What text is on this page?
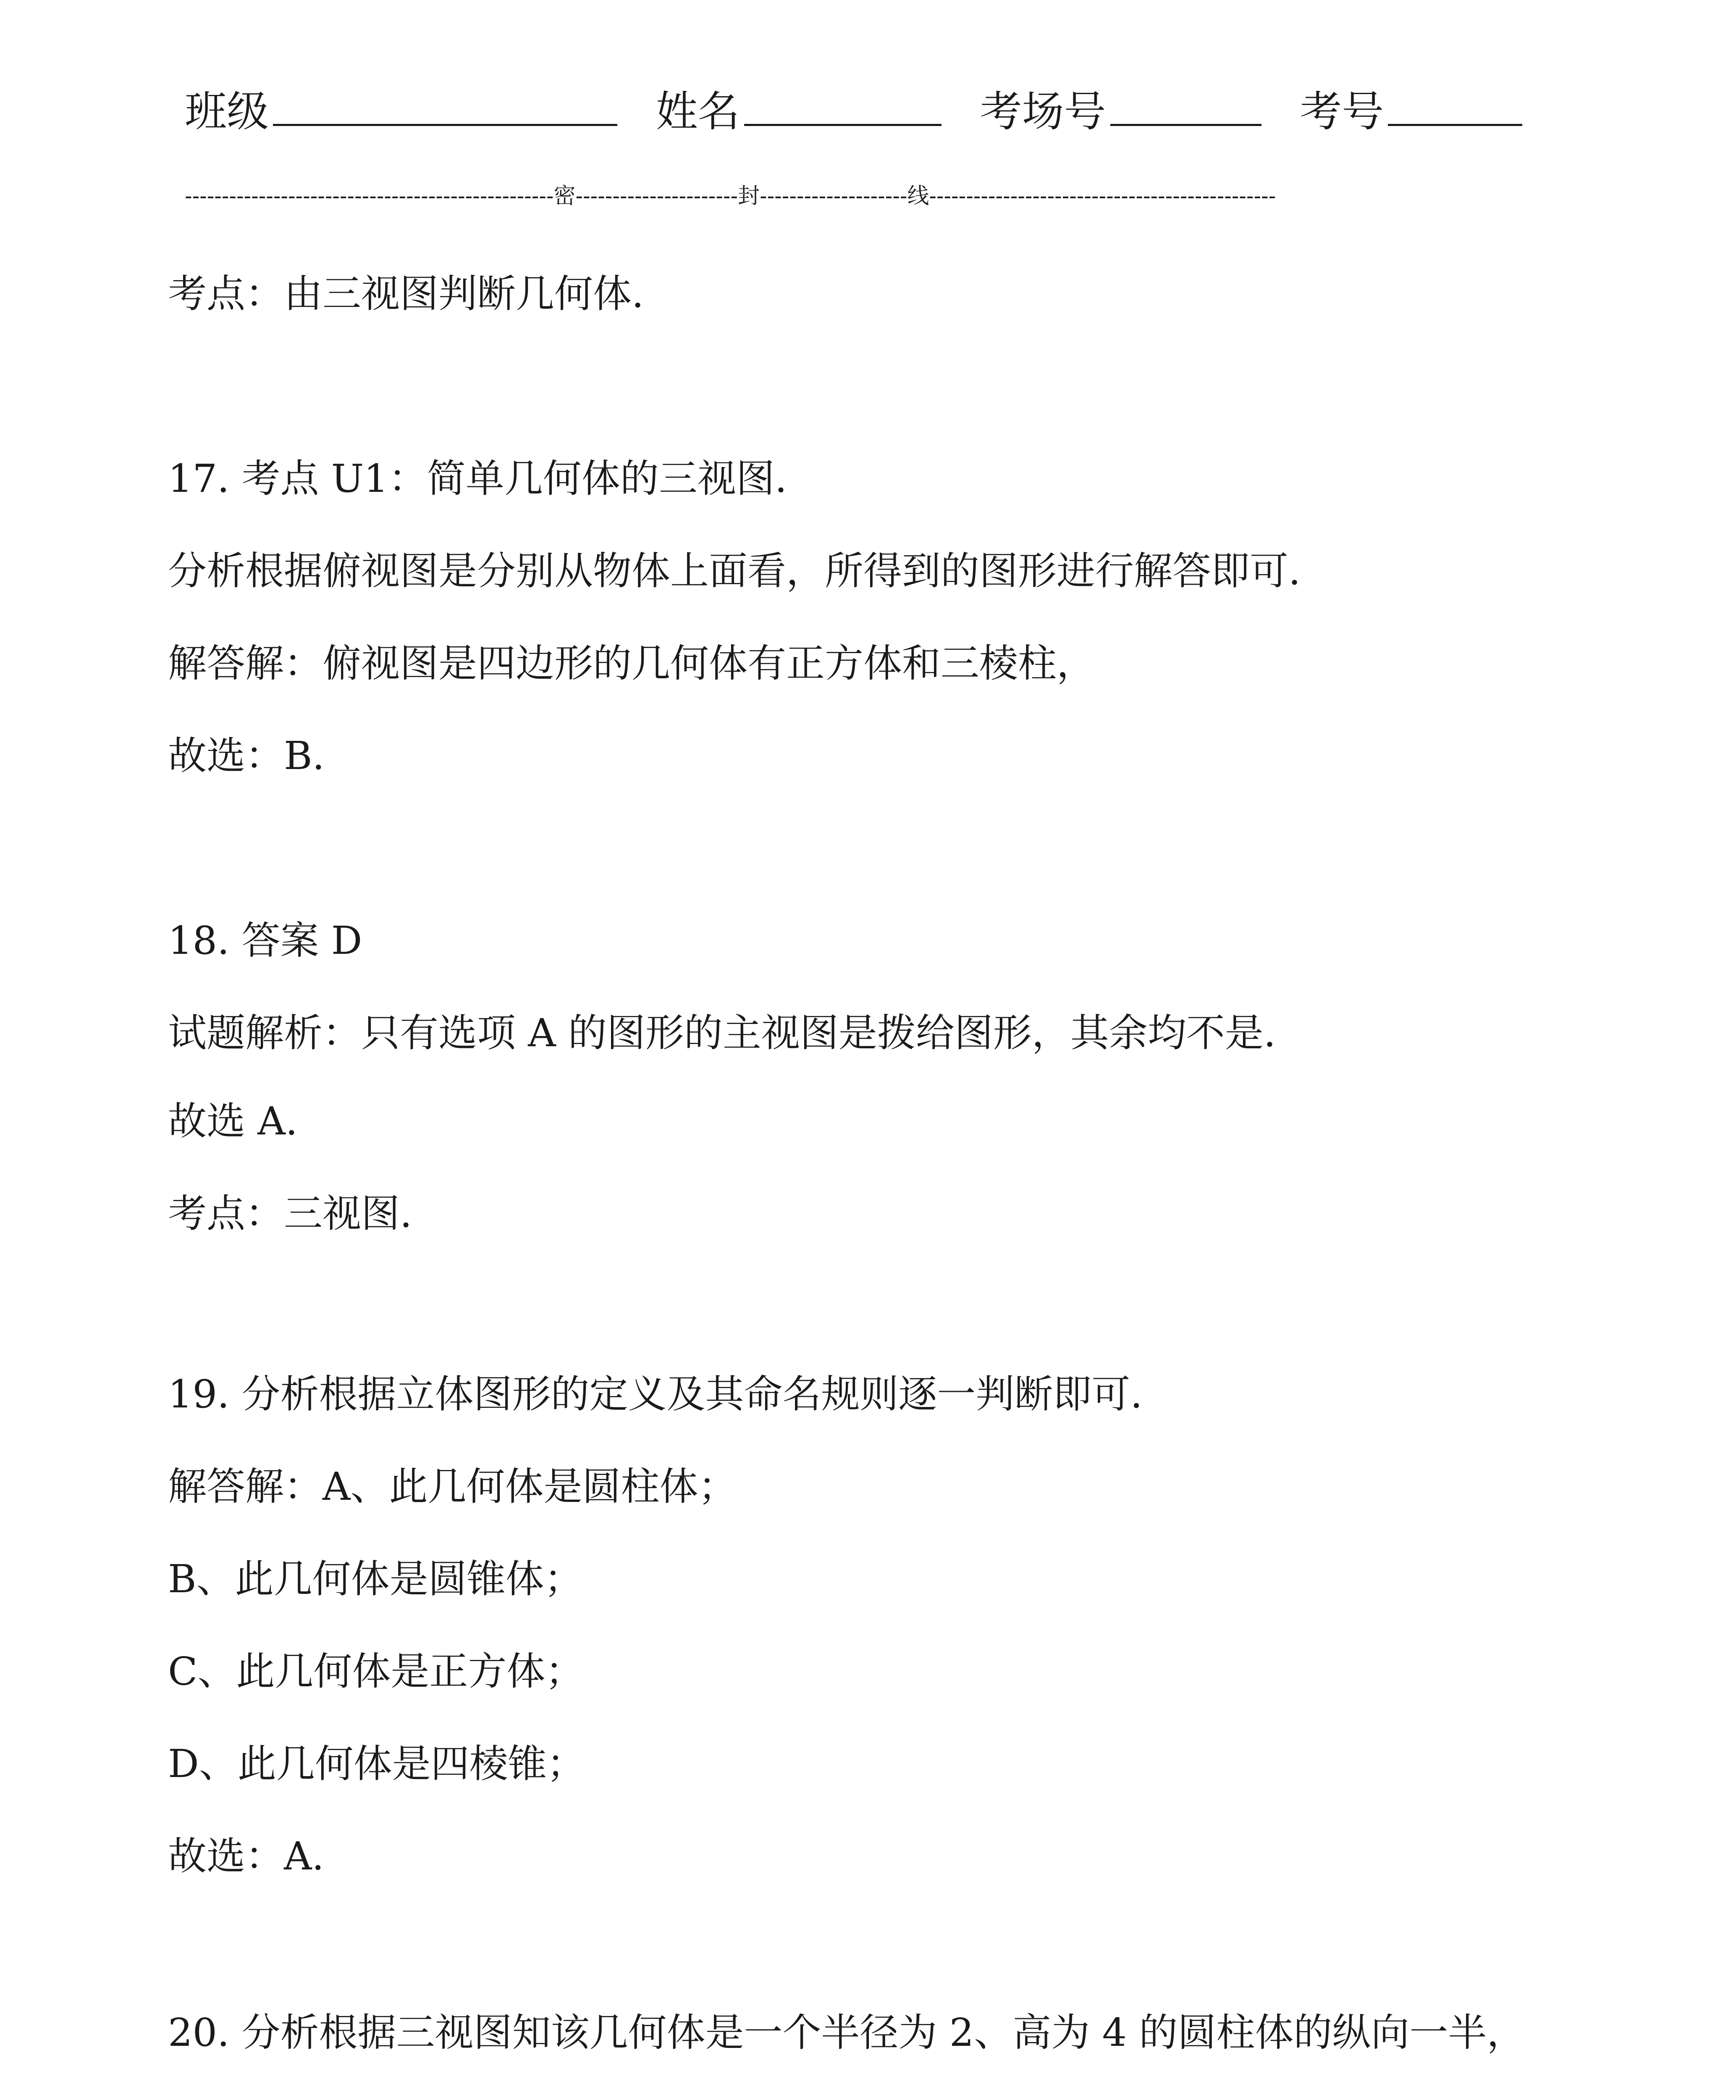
班级	姓名	考场号	考号
--------------------------------------------------密----------------------封--------------------线-----------------------------------------------
考点：由三视图判断几何体.
17. 考点 U1：简单几何体的三视图.
分析根据俯视图是分别从物体上面看，所得到的图形进行解答即可.
解答解：俯视图是四边形的几何体有正方体和三棱柱，
故选：B.
18. 答案 D
试题解析：只有选项 A 的图形的主视图是拨给图形，其余均不是.
故选 A.
考点：三视图.
19. 分析根据立体图形的定义及其命名规则逐一判断即可.
解答解：A、此几何体是圆柱体；
B、此几何体是圆锥体；
C、此几何体是正方体；
D、此几何体是四棱锥；
故选：A.
20. 分析根据三视图知该几何体是一个半径为 2、高为 4 的圆柱体的纵向一半，
